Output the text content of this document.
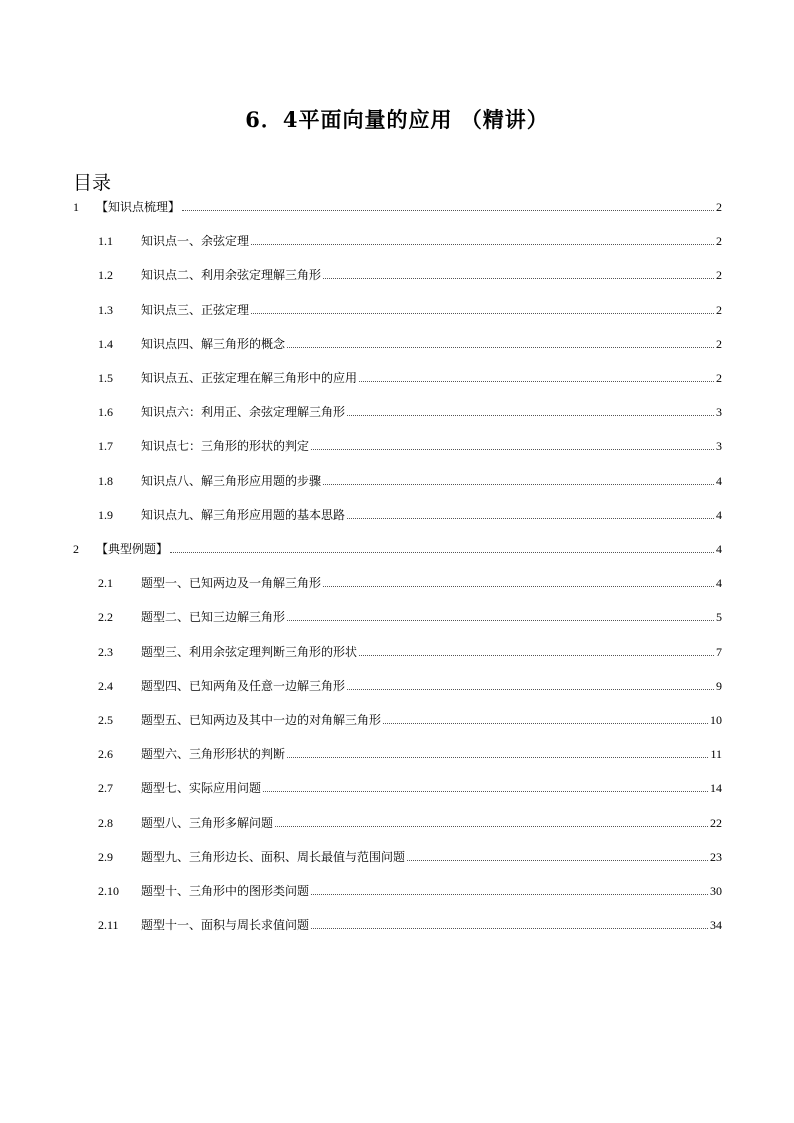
6．4平面向量的应用 （精讲）
目录
1 【知识点梳理】	2
1.1 知识点一、余弦定理	2
1.2 知识点二、利用余弦定理解三角形	2
1.3 知识点三、正弦定理	2
1.4 知识点四、解三角形的概念	2
1.5 知识点五、正弦定理在解三角形中的应用	2
1.6 知识点六：利用正、余弦定理解三角形	3
1.7 知识点七：三角形的形状的判定	3
1.8 知识点八、解三角形应用题的步骤	4
1.9 知识点九、解三角形应用题的基本思路	4
2 【典型例题】	4
2.1 题型一、已知两边及一角解三角形	4
2.2 题型二、已知三边解三角形	5
2.3 题型三、利用余弦定理判断三角形的形状	7
2.4 题型四、已知两角及任意一边解三角形	9
2.5 题型五、已知两边及其中一边的对角解三角形	10
2.6 题型六、三角形形状的判断	11
2.7 题型七、实际应用问题	14
2.8 题型八、三角形多解问题	22
2.9 题型九、三角形边长、面积、周长最值与范围问题	23
2.10 题型十、三角形中的图形类问题	30
2.11 题型十一、面积与周长求值问题	34
